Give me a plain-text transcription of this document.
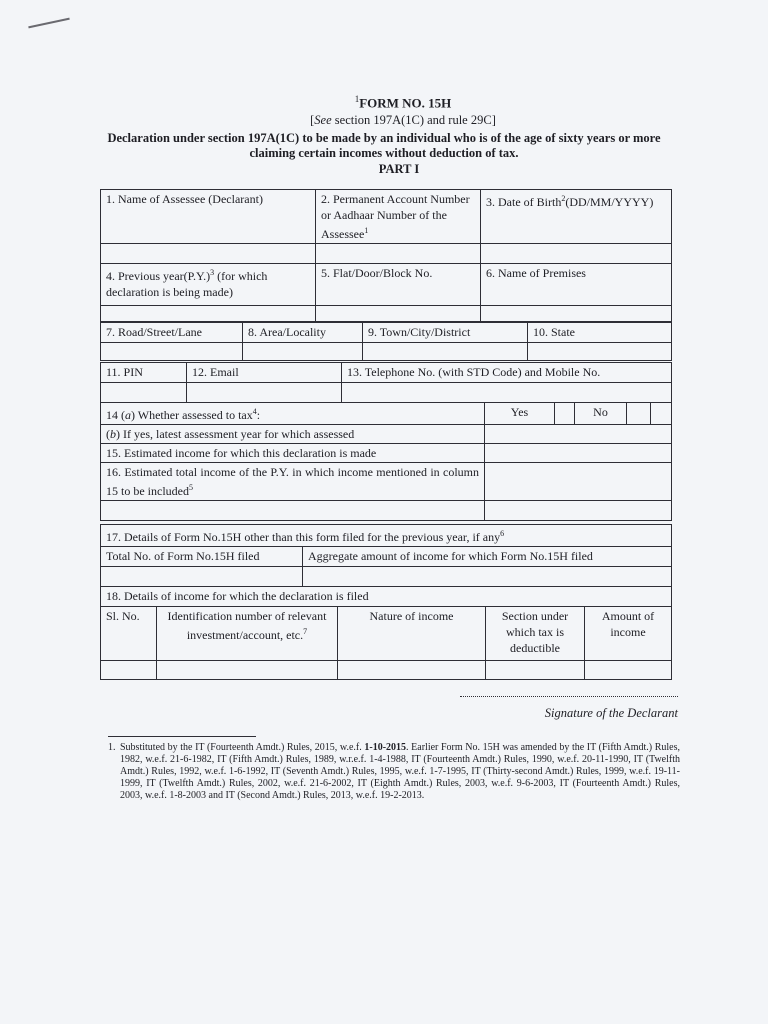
$^1$FORM NO. 15H
[See section 197A(1C) and rule 29C]
Declaration under section 197A(1C) to be made by an individual who is of the age of sixty years or more claiming certain incomes without deduction of tax.
PART I
1. Name of Assessee (Declarant)	2. Permanent Account Number or Aadhaar Number of the Assessee$^1$	3. Date of Birth$^2$(DD/MM/YYYY)

4. Previous $year(P.Y.)^3$ (for which declaration is being made)	5. Flat/Door/Block No.	6. Name of Premises

7. Road/Street/Lane	8. Area/Locality	9. Town/City/District	10. State

11. PIN	12. Email	13. Telephone No. (with STD Code) and Mobile No.

14 (a) Whether assessed to tax$^4$:	Yes		No		
(b) If yes, latest assessment year for which assessed					
15. Estimated income for which this declaration is made					
16. Estimated total income of the P.Y. in which income mentioned in column 15 to be included$^5$	

17. Details of Form No.15H other than this form filed for the previous year, if any$^6$
Total No. of Form No.15H filed	Aggregate amount of income for which Form No.15H filed

18. Details of income for which the declaration is filed				
Sl. No.	Identification number of relevant investment/account, etc.$^7$	Nature of income	Section under which tax is deductible	Amount of income

Signature of the Declarant
1. Substituted by the IT (Fourteenth Amdt.) Rules, 2015, w.e.f. 1-10-2015. Earlier Form No. 15H was amended by the IT (Fifth Amdt.) Rules, 1982, w.e.f. 21-6-1982, IT (Fifth Amdt.) Rules, 1989, w.r.e.f. 1-4-1988, IT (Fourteenth Amdt.) Rules, 1990, w.e.f. 20-11-1990, IT (Twelfth Amdt.) Rules, 1992, w.e.f. 1-6-1992, IT (Seventh Amdt.) Rules, 1995, w.e.f. 1-7-1995, IT (Thirty-second Amdt.) Rules, 1999, w.e.f. 19-11-1999, IT (Twelfth Amdt.) Rules, 2002, w.e.f. 21-6-2002, IT (Eighth Amdt.) Rules, 2003, w.e.f. 9-6-2003, IT (Fourteenth Amdt.) Rules, 2003, w.e.f. 1-8-2003 and IT (Second Amdt.) Rules, 2013, w.e.f. 19-2-2013.
